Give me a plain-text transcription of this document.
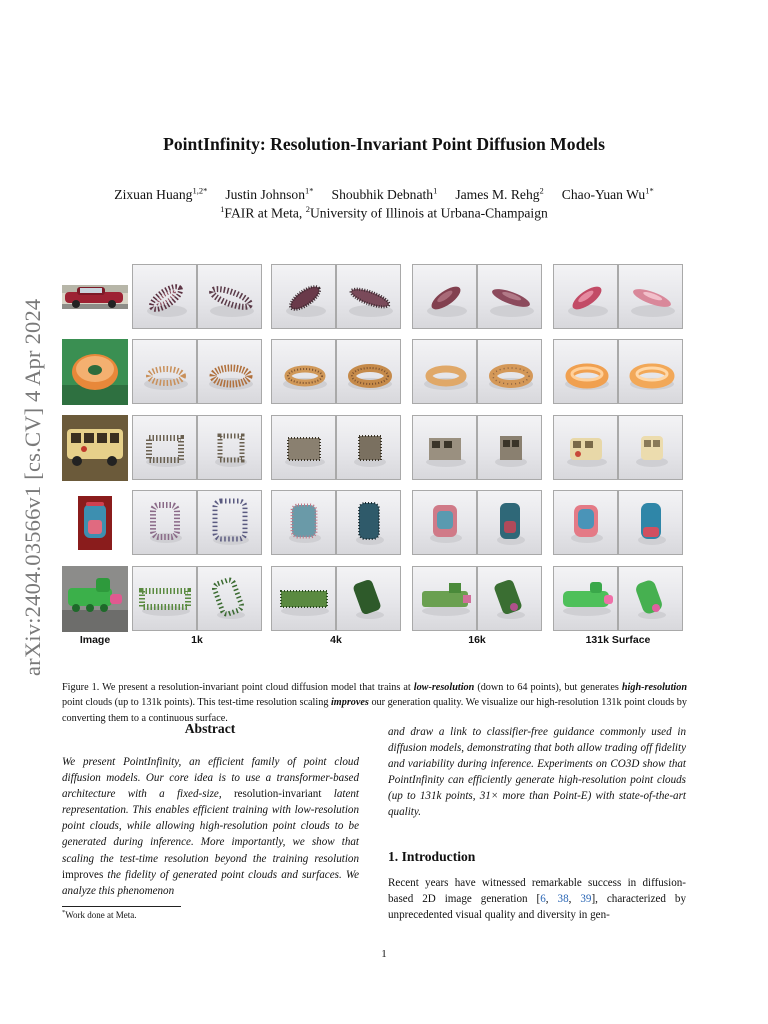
arXiv:2404.03566v1 [cs.CV] 4 Apr 2024
PointInfinity: Resolution-Invariant Point Diffusion Models
Zixuan Huang$^{1,2*}$ Justin Johnson$^{1*}$ Shoubhik Debnath$^1$ James M. Rehg$^2$ Chao-Yuan $Wu^{1*}$
$^1$FAIR at Meta, $^2$University of Illinois at Urbana-Champaign
Image	1k	4k	16k	131k Surface
Figure 1. We present a resolution-invariant point cloud diffusion model that trains at low-resolution (down to 64 points), but generates high-resolution point clouds (up to 131k points). This test-time resolution scaling improves our generation quality. We visualize our high-resolution 131k point clouds by converting them to a continuous surface.
Abstract
We present PointInfinity, an efficient family of point cloud diffusion models. Our core idea is to use a transformer-based architecture with a fixed-size, resolution-invariant latent representation. This enables efficient training with low-resolution point clouds, while allowing high-resolution point clouds to be generated during inference. More importantly, we show that scaling the test-time resolution beyond the training resolution improves the fidelity of generated point clouds and surfaces. We analyze this phenomenon
and draw a link to classifier-free guidance commonly used in diffusion models, demonstrating that both allow trading off fidelity and variability during inference. Experiments on CO3D show that PointInfinity can efficiently generate high-resolution point clouds (up to 131k points, 31× more than Point-E) with state-of-the-art quality.
1. Introduction
Recent years have witnessed remarkable success in diffusion-based 2D image generation [6, 38, 39], characterized by unprecedented visual quality and diversity in gen-
*Work done at Meta.
1
